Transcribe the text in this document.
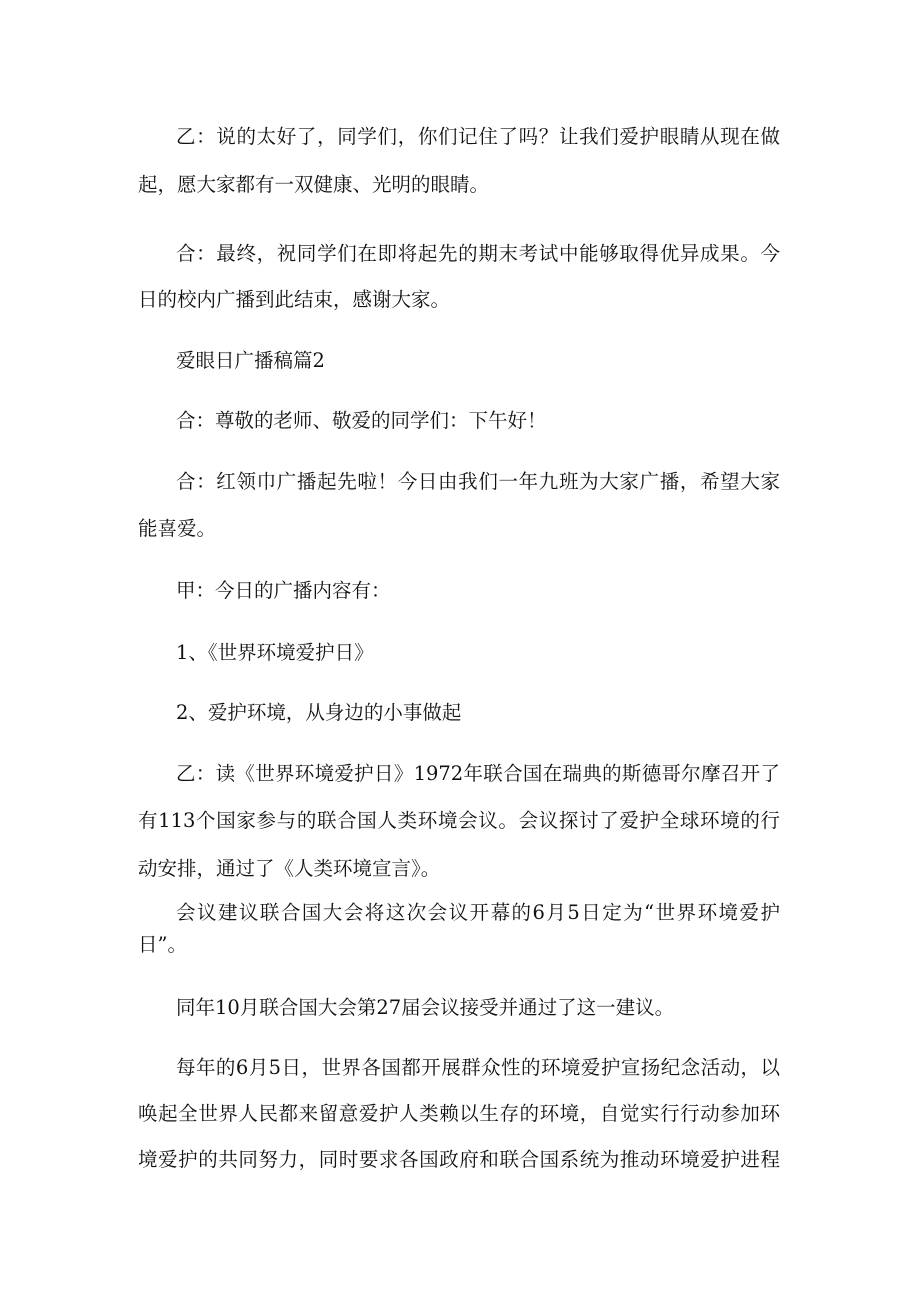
乙：说的太好了，同学们，你们记住了吗？让我们爱护眼睛从现在做
起，愿大家都有一双健康、光明的眼睛。
合：最终，祝同学们在即将起先的期末考试中能够取得优异成果。今
日的校内广播到此结束，感谢大家。
爱眼日广播稿篇2
合：尊敬的老师、敬爱的同学们：下午好！
合：红领巾广播起先啦！今日由我们一年九班为大家广播，希望大家
能喜爱。
甲：今日的广播内容有：
1、《世界环境爱护日》
2、爱护环境，从身边的小事做起
乙：读《世界环境爱护日》1972年联合国在瑞典的斯德哥尔摩召开了
有113个国家参与的联合国人类环境会议。会议探讨了爱护全球环境的行
动安排，通过了《人类环境宣言》。
会议建议联合国大会将这次会议开幕的6月5日定为“世界环境爱护
日”。
同年10月联合国大会第27届会议接受并通过了这一建议。
每年的6月5日，世界各国都开展群众性的环境爱护宣扬纪念活动，以
唤起全世界人民都来留意爱护人类赖以生存的环境，自觉实行行动参加环
境爱护的共同努力，同时要求各国政府和联合国系统为推动环境爱护进程
